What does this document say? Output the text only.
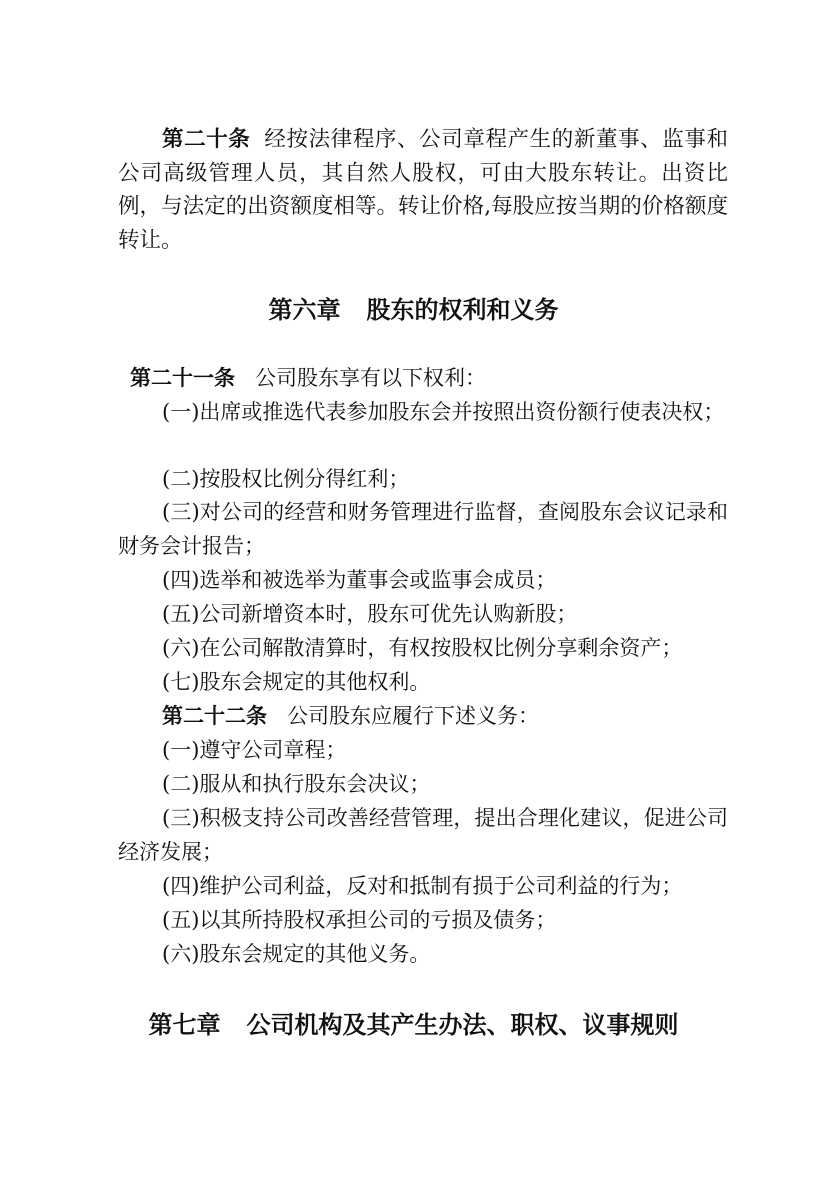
第二十条 经按法律程序、公司章程产生的新董事、监事和公司高级管理人员，其自然人股权，可由大股东转让。出资比例，与法定的出资额度相等。转让价格,每股应按当期的价格额度转让。

第六章 股东的权利和义务

第二十一条 公司股东享有以下权利：

(一)出席或推选代表参加股东会并按照出资份额行使表决权；

(二)按股权比例分得红利；

(三)对公司的经营和财务管理进行监督，查阅股东会议记录和财务会计报告；

(四)选举和被选举为董事会或监事会成员；

(五)公司新增资本时，股东可优先认购新股；

(六)在公司解散清算时，有权按股权比例分享剩余资产；

(七)股东会规定的其他权利。

第二十二条 公司股东应履行下述义务：

(一)遵守公司章程；

(二)服从和执行股东会决议；

(三)积极支持公司改善经营管理，提出合理化建议，促进公司经济发展；

(四)维护公司利益，反对和抵制有损于公司利益的行为；

(五)以其所持股权承担公司的亏损及债务；

(六)股东会规定的其他义务。

第七章 公司机构及其产生办法、职权、议事规则
